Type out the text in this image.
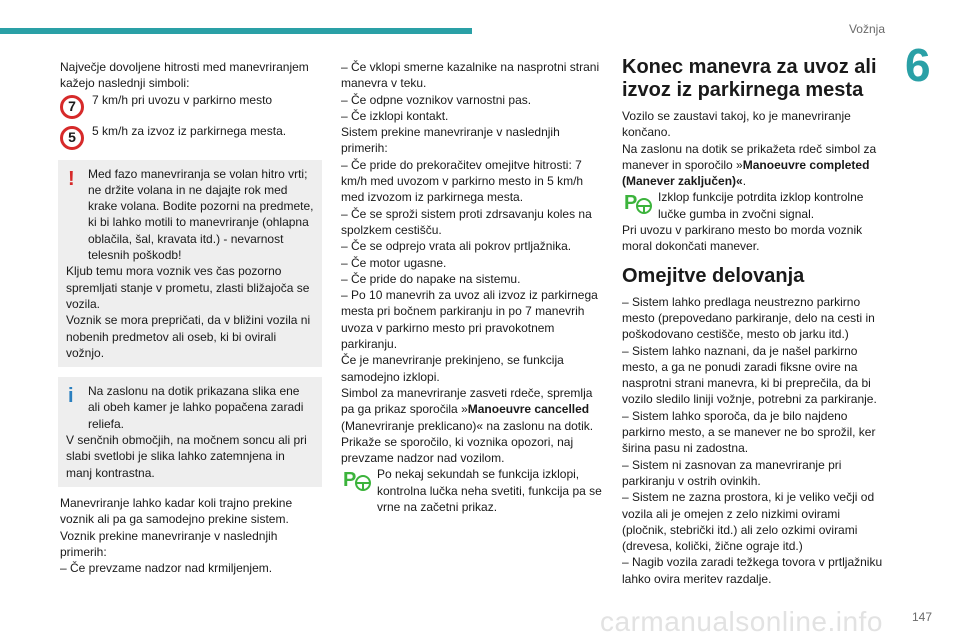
Vožnja
6

Največje dovoljene hitrosti med manevriranjem kažejo naslednji simboli:

7	7 km/h pri uvozu v parkirno mesto
5	5 km/h za izvoz iz parkirnega mesta.
!	Med fazo manevriranja se volan hitro vrti; ne držite volana in ne dajajte rok med krake volana. Bodite pozorni na predmete, ki bi lahko motili to manevriranje (ohlapna oblačila, šal, kravata itd.) - nevarnost telesnih poškodb!

Kljub temu mora voznik ves čas pozorno spremljati stanje v prometu, zlasti bližajoča se vozila.

Voznik se mora prepričati, da v bližini vozila ni nobenih predmetov ali oseb, ki bi ovirali vožnjo.

i	Na zaslonu na dotik prikazana slika ene ali obeh kamer je lahko popačena zaradi reliefa.

V senčnih območjih, na močnem soncu ali pri slabi svetlobi je slika lahko zatemnjena in manj kontrastna.

Manevriranje lahko kadar koli trajno prekine voznik ali pa ga samodejno prekine sistem.

Voznik prekine manevriranje v naslednjih primerih:

– Če prevzame nadzor nad krmiljenjem.

– Če vklopi smerne kazalnike na nasprotni strani manevra v teku.

– Če odpne voznikov varnostni pas.

– Če izklopi kontakt.

Sistem prekine manevriranje v naslednjih primerih:

– Če pride do prekoračitev omejitve hitrosti: 7 km/h med uvozom v parkirno mesto in 5 km/h med izvozom iz parkirnega mesta.

– Če se sproži sistem proti zdrsavanju koles na spolzkem cestišču.

– Če se odprejo vrata ali pokrov prtljažnika.

– Če motor ugasne.

– Če pride do napake na sistemu.

– Po 10 manevrih za uvoz ali izvoz iz parkirnega mesta pri bočnem parkiranju in po 7 manevrih uvoza v parkirno mesto pri pravokotnem parkiranju.

Če je manevriranje prekinjeno, se funkcija samodejno izklopi.

Simbol za manevriranje zasveti rdeče, spremlja pa ga prikaz sporočila »Manoeuvre cancelled (Manevriranje preklicano)« na zaslonu na dotik.

Prikaže se sporočilo, ki voznika opozori, naj prevzame nadzor nad vozilom.

P Po nekaj sekundah se funkcija izklopi, kontrolna lučka neha svetiti, funkcija pa se vrne na začetni prikaz.

Konec manevra za uvoz ali izvoz iz parkirnega mesta

Vozilo se zaustavi takoj, ko je manevriranje končano.

Na zaslonu na dotik se prikažeta rdeč simbol za manever in sporočilo »Manoeuvre completed (Manever zaključen)«.

P Izklop funkcije potrdita izklop kontrolne lučke gumba in zvočni signal.

Pri uvozu v parkirano mesto bo morda voznik moral dokončati manever.

Omejitve delovanja

– Sistem lahko predlaga neustrezno parkirno mesto (prepovedano parkiranje, delo na cesti in poškodovano cestišče, mesto ob jarku itd.)

– Sistem lahko naznani, da je našel parkirno mesto, a ga ne ponudi zaradi fiksne ovire na nasprotni strani manevra, ki bi preprečila, da bi vozilo sledilo liniji vožnje, potrebni za parkiranje.

– Sistem lahko sporoča, da je bilo najdeno parkirno mesto, a se manever ne bo sprožil, ker širina pasu ni zadostna.

– Sistem ni zasnovan za manevriranje pri parkiranju v ostrih ovinkih.

– Sistem ne zazna prostora, ki je veliko večji od vozila ali je omejen z zelo nizkimi ovirami (pločnik, stebrički itd.) ali zelo ozkimi ovirami (drevesa, količki, žične ograje itd.)

– Nagib vozila zaradi težkega tovora v prtljažniku lahko ovira meritev razdalje.

carmanualsonline.info 147
